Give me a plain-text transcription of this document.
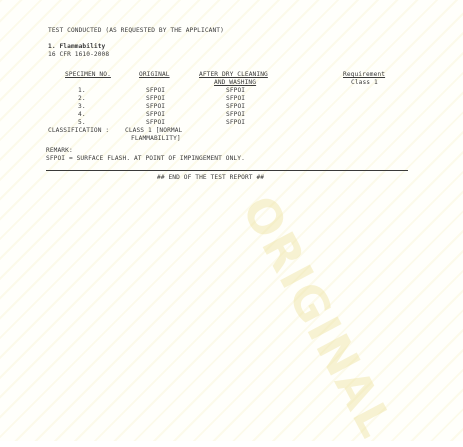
ORIGINAL
TEST CONDUCTED (AS REQUESTED BY THE APPLICANT)
1. Flammability
16 CFR 1610-2008
SPECIMEN NO.	ORIGINAL	AFTER DRY CLEANING
AND WASHING
Requirement
Class 1
1.	SFPOI	SFPOI
2.	SFPOI	SFPOI
3.	SFPOI	SFPOI
4.	SFPOI	SFPOI
5.	SFPOI	SFPOI
CLASSIFICATION :	CLASS 1 [NORMAL
FLAMMABILITY]
REMARK:
SFPOI = SURFACE FLASH. AT POINT OF IMPINGEMENT ONLY.
## END OF THE TEST REPORT ##
